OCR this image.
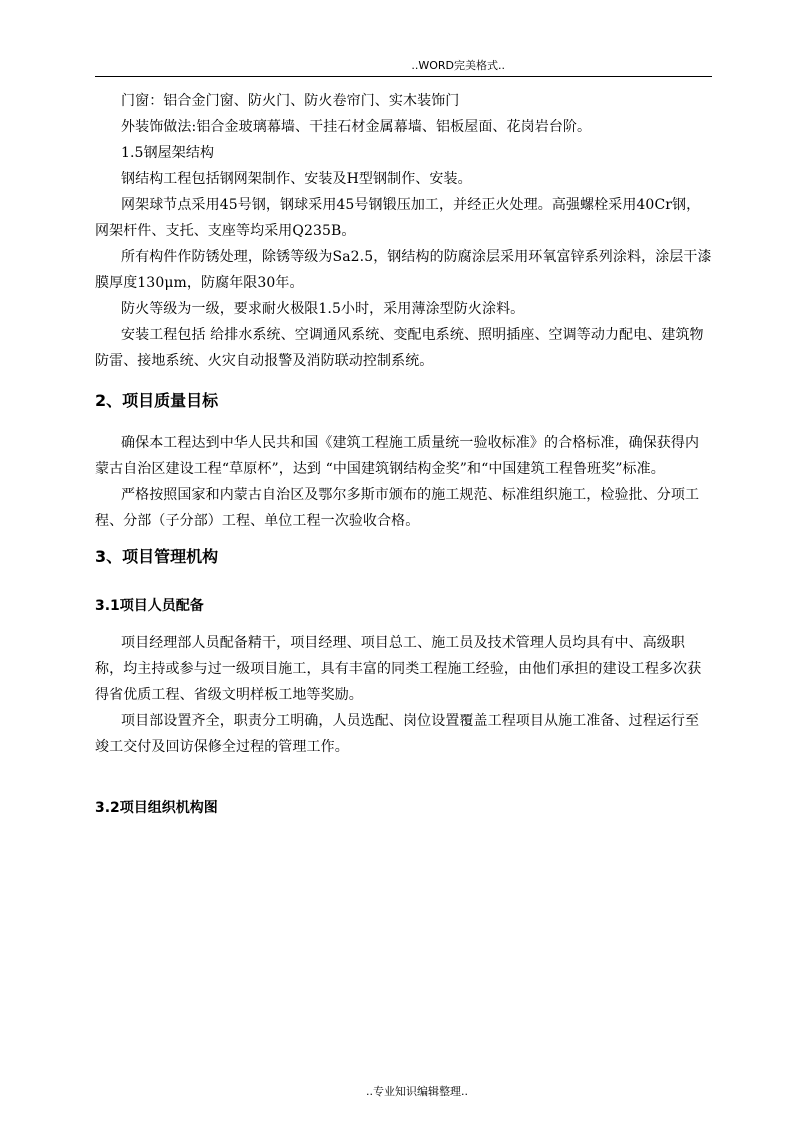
..WORD完美格式..

门窗：铝合金门窗、防火门、防火卷帘门、实木装饰门

外装饰做法:铝合金玻璃幕墙、干挂石材金属幕墙、铝板屋面、花岗岩台阶。

1.5钢屋架结构

钢结构工程包括钢网架制作、安装及H型钢制作、安装。

网架球节点采用45号钢，钢球采用45号钢锻压加工，并经正火处理。高强螺栓采用40Cr钢，网架杆件、支托、支座等均采用Q235B。

所有构件作防锈处理，除锈等级为Sa2.5，钢结构的防腐涂层采用环氧富锌系列涂料，涂层干漆膜厚度130μm，防腐年限30年。

防火等级为一级，要求耐火极限1.5小时，采用薄涂型防火涂料。

安装工程包括 给排水系统、空调通风系统、变配电系统、照明插座、空调等动力配电、建筑物防雷、接地系统、火灾自动报警及消防联动控制系统。

2、项目质量目标

确保本工程达到中华人民共和国《建筑工程施工质量统一验收标准》的合格标准，确保获得内蒙古自治区建设工程“草原杯”，达到 “中国建筑钢结构金奖”和“中国建筑工程鲁班奖”标准。

严格按照国家和内蒙古自治区及鄂尔多斯市颁布的施工规范、标准组织施工，检验批、分项工程、分部（子分部）工程、单位工程一次验收合格。

3、项目管理机构
3.1项目人员配备

项目经理部人员配备精干，项目经理、项目总工、施工员及技术管理人员均具有中、高级职称，均主持或参与过一级项目施工，具有丰富的同类工程施工经验，由他们承担的建设工程多次获得省优质工程、省级文明样板工地等奖励。

项目部设置齐全，职责分工明确，人员选配、岗位设置覆盖工程项目从施工准备、过程运行至竣工交付及回访保修全过程的管理工作。

3.2项目组织机构图
..专业知识编辑整理..
